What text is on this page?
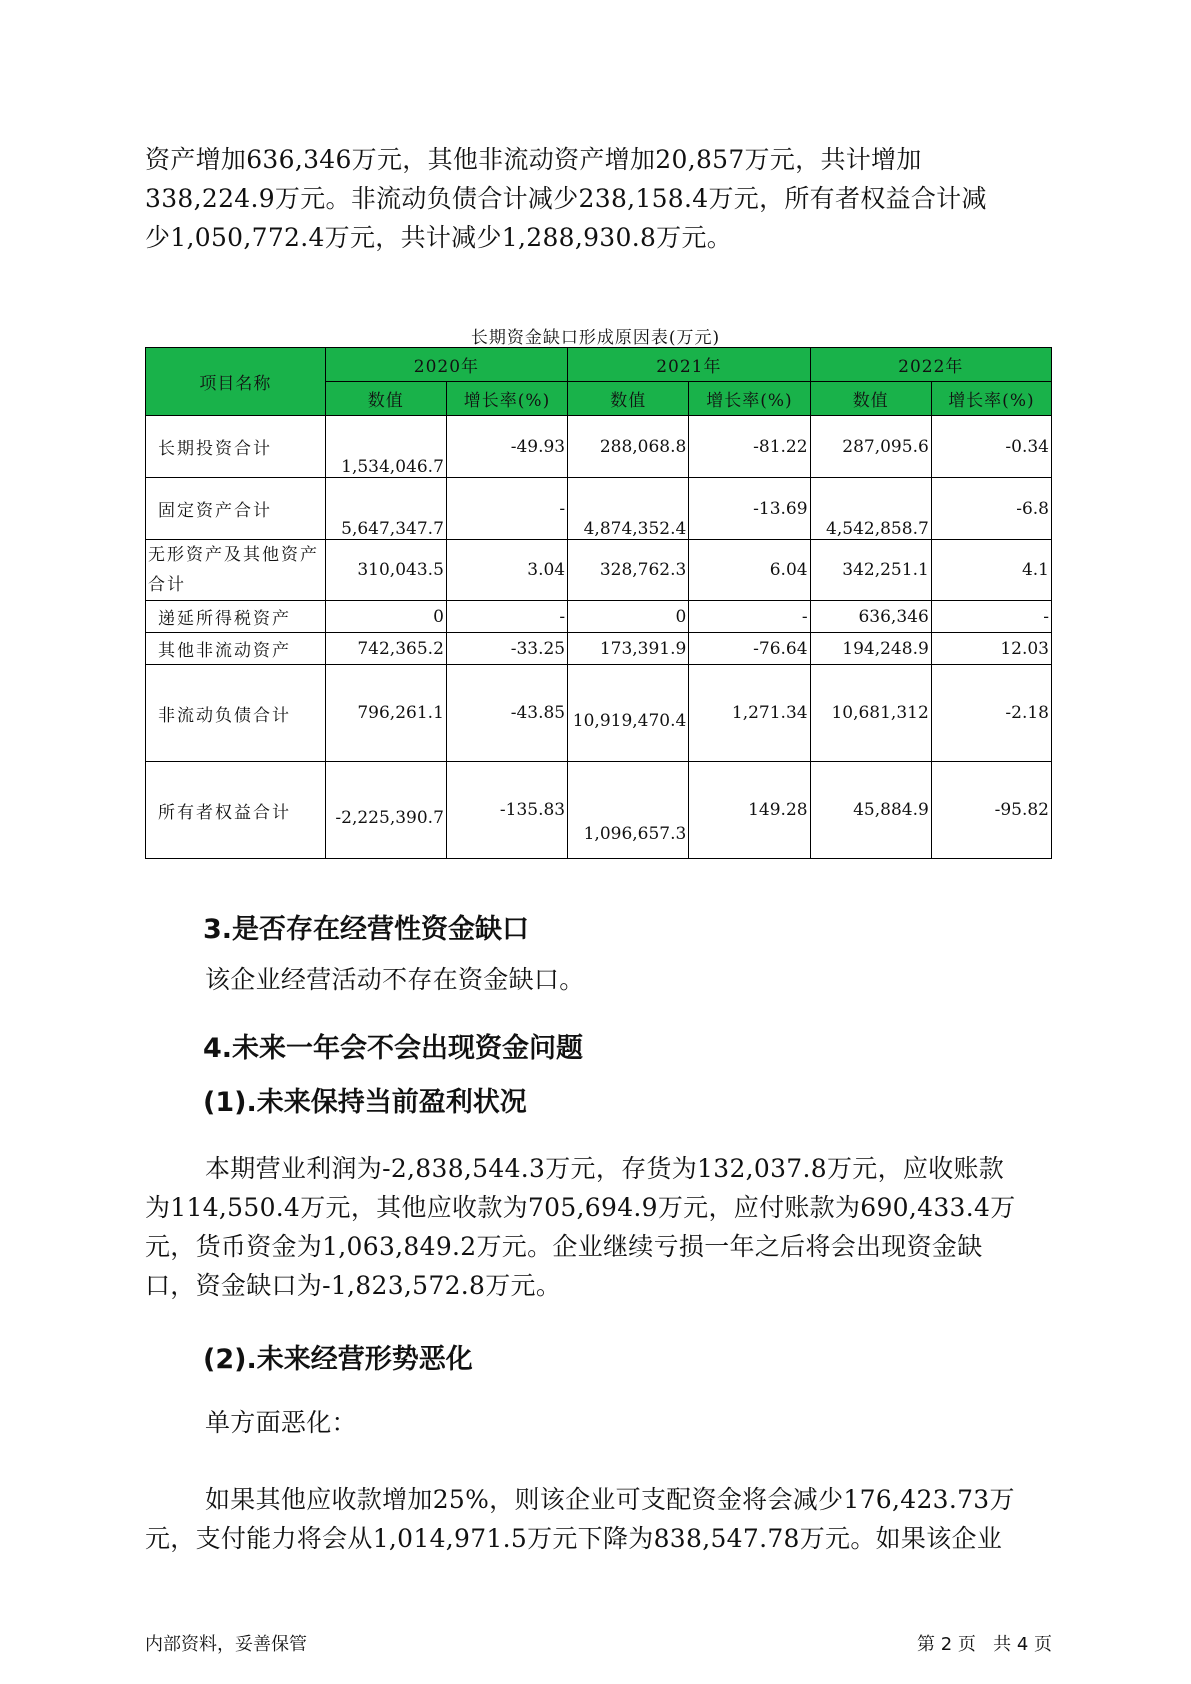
资产增加636,346万元，其他非流动资产增加20,857万元，共计增加
338,224.9万元。非流动负债合计减少238,158.4万元，所有者权益合计减
少1,050,772.4万元，共计减少1,288,930.8万元。

长期资金缺口形成原因表(万元)
项目名称	2020年		2021年		2022年	
	数值	增长率(%)	数值	增长率(%)	数值	增长率(%)
长期投资合计	1,534,046.7	-49.93	288,068.8	-81.22	287,095.6	-0.34
固定资产合计	5,647,347.7	-	4,874,352.4	-13.69	4,542,858.7	-6.8
无形资产及其他资产合计	310,043.5	3.04	328,762.3	6.04	342,251.1	4.1
递延所得税资产	0	-	0	-	636,346	-
其他非流动资产	742,365.2	-33.25	173,391.9	-76.64	194,248.9	12.03
非流动负债合计	796,261.1	-43.85	10,919,470.4	1,271.34	10,681,312	-2.18
所有者权益合计	-2,225,390.7	-135.83	1,096,657.3	149.28	45,884.9	-95.82
3.是否存在经营性资金缺口

该企业经营活动不存在资金缺口。

4.未来一年会不会出现资金问题
(1).未来保持当前盈利状况

本期营业利润为-2,838,544.3万元，存货为132,037.8万元，应收账款
为114,550.4万元，其他应收款为705,694.9万元，应付账款为690,433.4万
元，货币资金为1,063,849.2万元。企业继续亏损一年之后将会出现资金缺
口，资金缺口为-1,823,572.8万元。

(2).未来经营形势恶化

单方面恶化：

如果其他应收款增加25%，则该企业可支配资金将会减少176,423.73万
元，支付能力将会从1,014,971.5万元下降为838,547.78万元。如果该企业

内部资料，妥善保管	第 2 页   共 4 页
